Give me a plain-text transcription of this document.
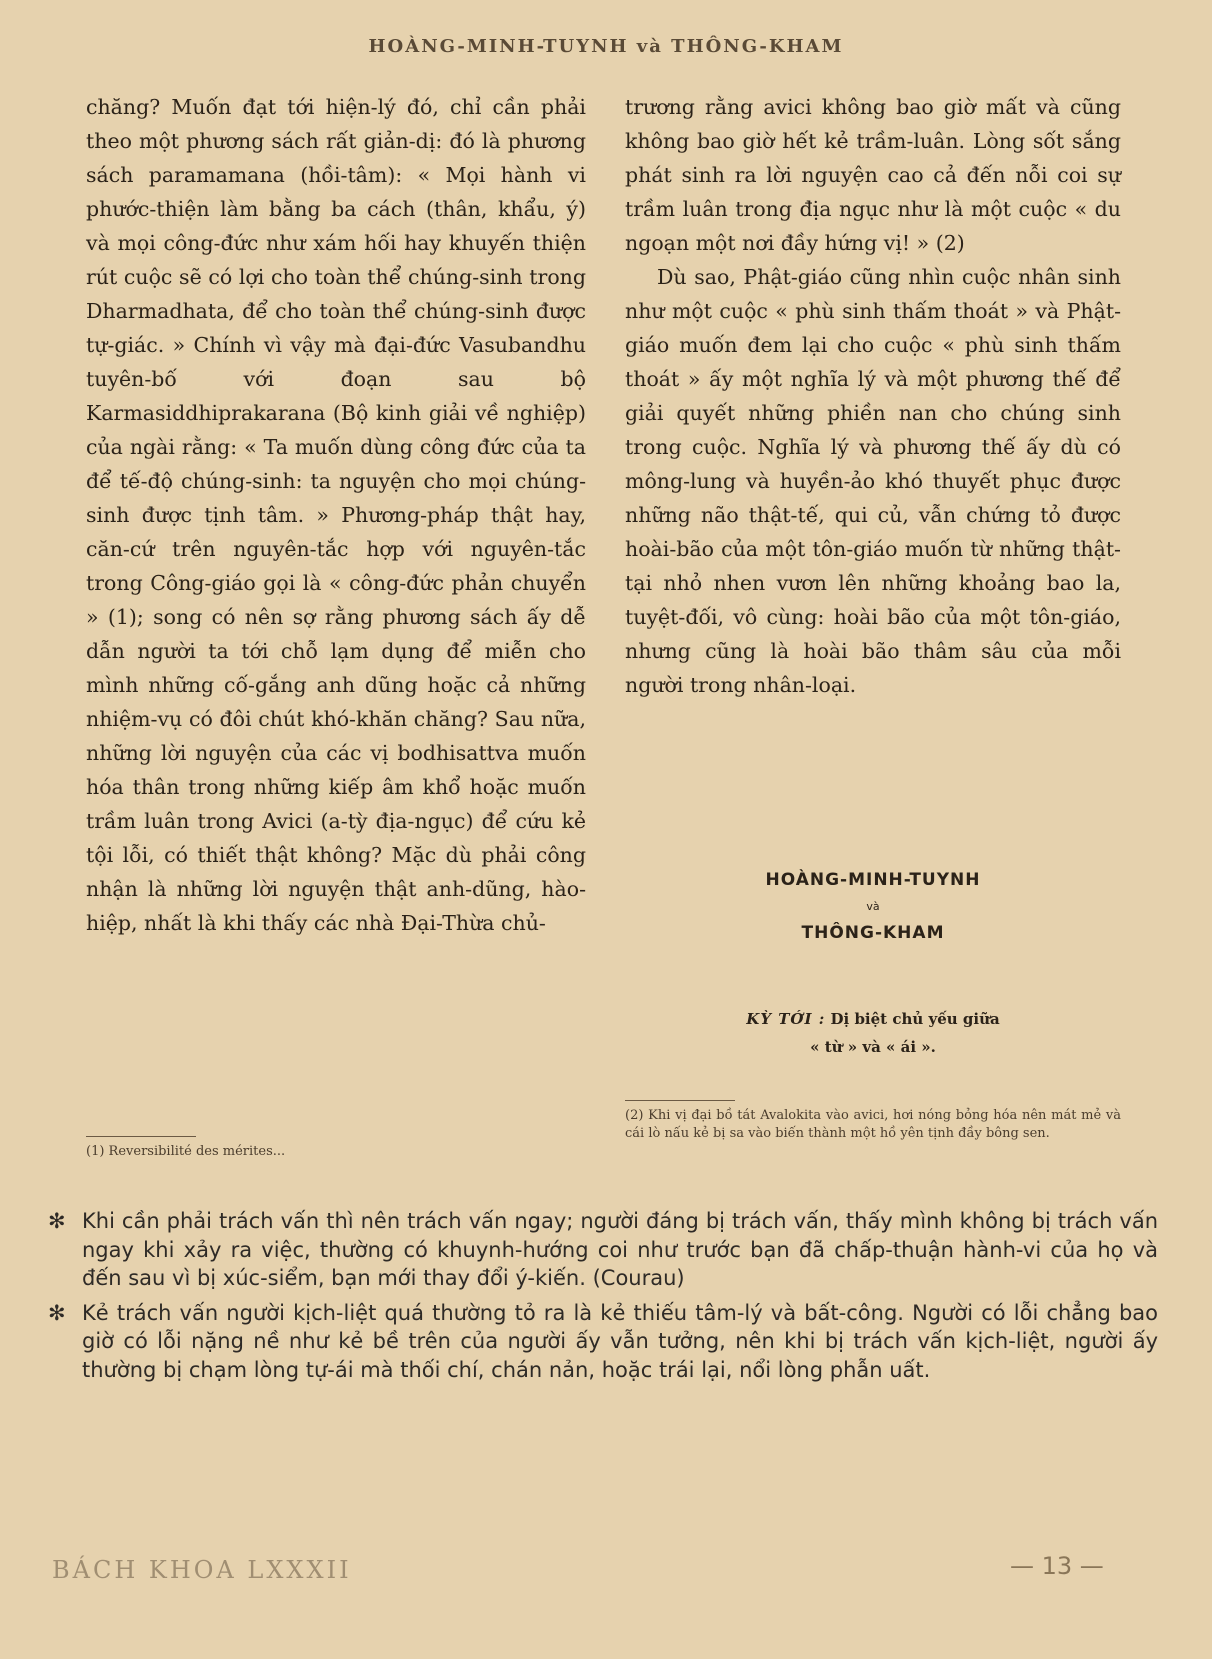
HOÀNG-MINH-TUYNH và THÔNG-KHAM

chăng? Muốn đạt tới hiện-lý đó, chỉ cần phải theo một phương sách rất giản-dị: đó là phương sách paramamana (hồi-tâm): « Mọi hành vi phước-thiện làm bằng ba cách (thân, khẩu, ý) và mọi công-đức như xám hối hay khuyến thiện rút cuộc sẽ có lợi cho toàn thể chúng-sinh trong Dharmadhata, để cho toàn thể chúng-sinh được tự-giác. » Chính vì vậy mà đại-đức Vasubandhu tuyên-bố với đoạn sau bộ Karmasiddhiprakarana (Bộ kinh giải về nghiệp) của ngài rằng: « Ta muốn dùng công đức của ta để tế-độ chúng-sinh: ta nguyện cho mọi chúng-sinh được tịnh tâm. » Phương-pháp thật hay, căn-cứ trên nguyên-tắc hợp với nguyên-tắc trong Công-giáo gọi là « công-đức phản chuyển » (1); song có nên sợ rằng phương sách ấy dễ dẫn người ta tới chỗ lạm dụng để miễn cho mình những cố-gắng anh dũng hoặc cả những nhiệm-vụ có đôi chút khó-khăn chăng? Sau nữa, những lời nguyện của các vị bodhisattva muốn hóa thân trong những kiếp âm khổ hoặc muốn trầm luân trong Avici (a-tỳ địa-ngục) để cứu kẻ tội lỗi, có thiết thật không? Mặc dù phải công nhận là những lời nguyện thật anh-dũng, hào-hiệp, nhất là khi thấy các nhà Đại-Thừa chủ-

(1) Reversibilité des mérites...

trương rằng avici không bao giờ mất và cũng không bao giờ hết kẻ trầm-luân. Lòng sốt sắng phát sinh ra lời nguyện cao cả đến nỗi coi sự trầm luân trong địa ngục như là một cuộc « du ngoạn một nơi đầy hứng vị! » (2)

Dù sao, Phật-giáo cũng nhìn cuộc nhân sinh như một cuộc « phù sinh thấm thoát » và Phật-giáo muốn đem lại cho cuộc « phù sinh thấm thoát » ấy một nghĩa lý và một phương thế để giải quyết những phiền nan cho chúng sinh trong cuộc. Nghĩa lý và phương thế ấy dù có mông-lung và huyền-ảo khó thuyết phục được những não thật-tế, qui củ, vẫn chứng tỏ được hoài-bão của một tôn-giáo muốn từ những thật-tại nhỏ nhen vươn lên những khoảng bao la, tuyệt-đối, vô cùng: hoài bão của một tôn-giáo, nhưng cũng là hoài bão thâm sâu của mỗi người trong nhân-loại.

HOÀNG-MINH-TUYNH
và
THÔNG-KHAM
KỲ TỚI : Dị biệt chủ yếu giữa
« từ » và « ái ».
(2) Khi vị đại bồ tát Avalokita vào avici, hơi nóng bỏng hóa nên mát mẻ và cái lò nấu kẻ bị sa vào biến thành một hồ yên tịnh đầy bông sen.
✻ Khi cần phải trách vấn thì nên trách vấn ngay; người đáng bị trách vấn, thấy mình không bị trách vấn ngay khi xảy ra việc, thường có khuynh-hướng coi như trước bạn đã chấp-thuận hành-vi của họ và đến sau vì bị xúc-siểm, bạn mới thay đổi ý-kiến. (Courau)

✻ Kẻ trách vấn người kịch-liệt quá thường tỏ ra là kẻ thiếu tâm-lý và bất-công. Người có lỗi chẳng bao giờ có lỗi nặng nề như kẻ bề trên của người ấy vẫn tưởng, nên khi bị trách vấn kịch-liệt, người ấy thường bị chạm lòng tự-ái mà thối chí, chán nản, hoặc trái lại, nổi lòng phẫn uất.

BÁCH KHOA LXXXII	— 13 —
